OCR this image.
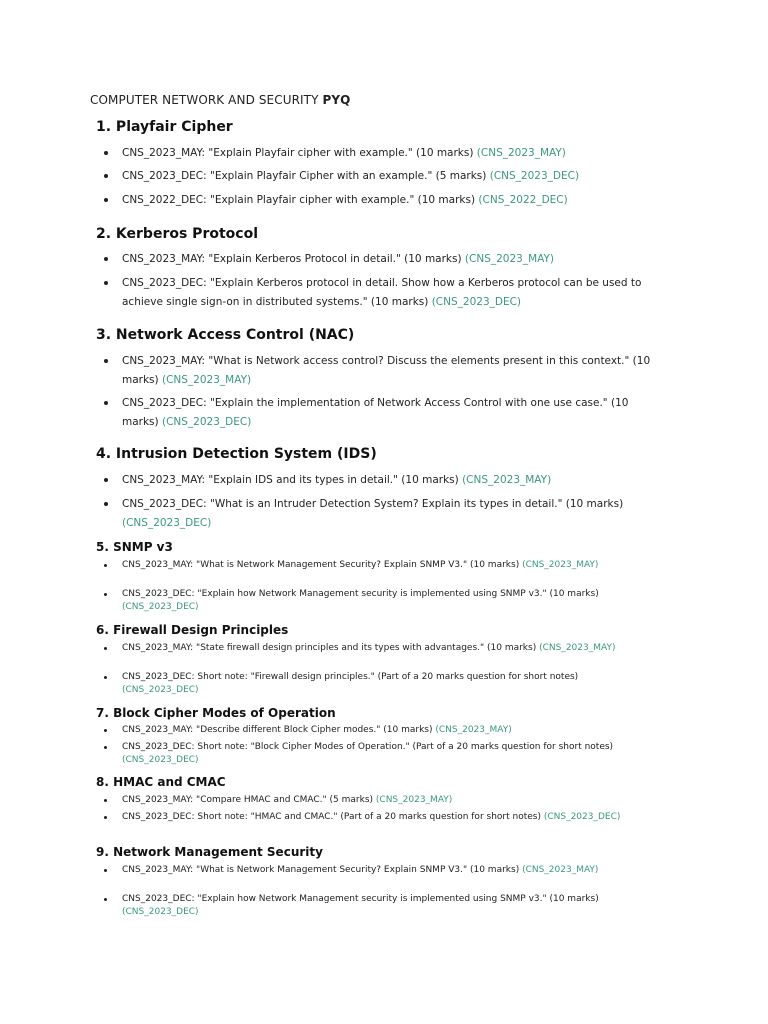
COMPUTER NETWORK AND SECURITY PYQ
1. Playfair Cipher
CNS_2023_MAY: "Explain Playfair cipher with example." (10 marks) (CNS_2023_MAY)
CNS_2023_DEC: "Explain Playfair Cipher with an example." (5 marks) (CNS_2023_DEC)
CNS_2022_DEC: "Explain Playfair cipher with example." (10 marks) (CNS_2022_DEC)
2. Kerberos Protocol
CNS_2023_MAY: "Explain Kerberos Protocol in detail." (10 marks) (CNS_2023_MAY)
CNS_2023_DEC: "Explain Kerberos protocol in detail. Show how a Kerberos protocol can be used to achieve single sign-on in distributed systems." (10 marks) (CNS_2023_DEC)
3. Network Access Control (NAC)
CNS_2023_MAY: "What is Network access control? Discuss the elements present in this context." (10 marks) (CNS_2023_MAY)
CNS_2023_DEC: "Explain the implementation of Network Access Control with one use case." (10 marks) (CNS_2023_DEC)
4. Intrusion Detection System (IDS)
CNS_2023_MAY: "Explain IDS and its types in detail." (10 marks) (CNS_2023_MAY)
CNS_2023_DEC: "What is an Intruder Detection System? Explain its types in detail." (10 marks) (CNS_2023_DEC)
5. SNMP v3
CNS_2023_MAY: "What is Network Management Security? Explain SNMP V3." (10 marks) (CNS_2023_MAY)
CNS_2023_DEC: "Explain how Network Management security is implemented using SNMP v3." (10 marks) (CNS_2023_DEC)
6. Firewall Design Principles
CNS_2023_MAY: "State firewall design principles and its types with advantages." (10 marks) (CNS_2023_MAY)
CNS_2023_DEC: Short note: "Firewall design principles." (Part of a 20 marks question for short notes) (CNS_2023_DEC)
7. Block Cipher Modes of Operation
CNS_2023_MAY: "Describe different Block Cipher modes." (10 marks) (CNS_2023_MAY)
CNS_2023_DEC: Short note: "Block Cipher Modes of Operation." (Part of a 20 marks question for short notes) (CNS_2023_DEC)
8. HMAC and CMAC
CNS_2023_MAY: "Compare HMAC and CMAC." (5 marks) (CNS_2023_MAY)
CNS_2023_DEC: Short note: "HMAC and CMAC." (Part of a 20 marks question for short notes) (CNS_2023_DEC)
9. Network Management Security
CNS_2023_MAY: "What is Network Management Security? Explain SNMP V3." (10 marks) (CNS_2023_MAY)
CNS_2023_DEC: "Explain how Network Management security is implemented using SNMP v3." (10 marks) (CNS_2023_DEC)
